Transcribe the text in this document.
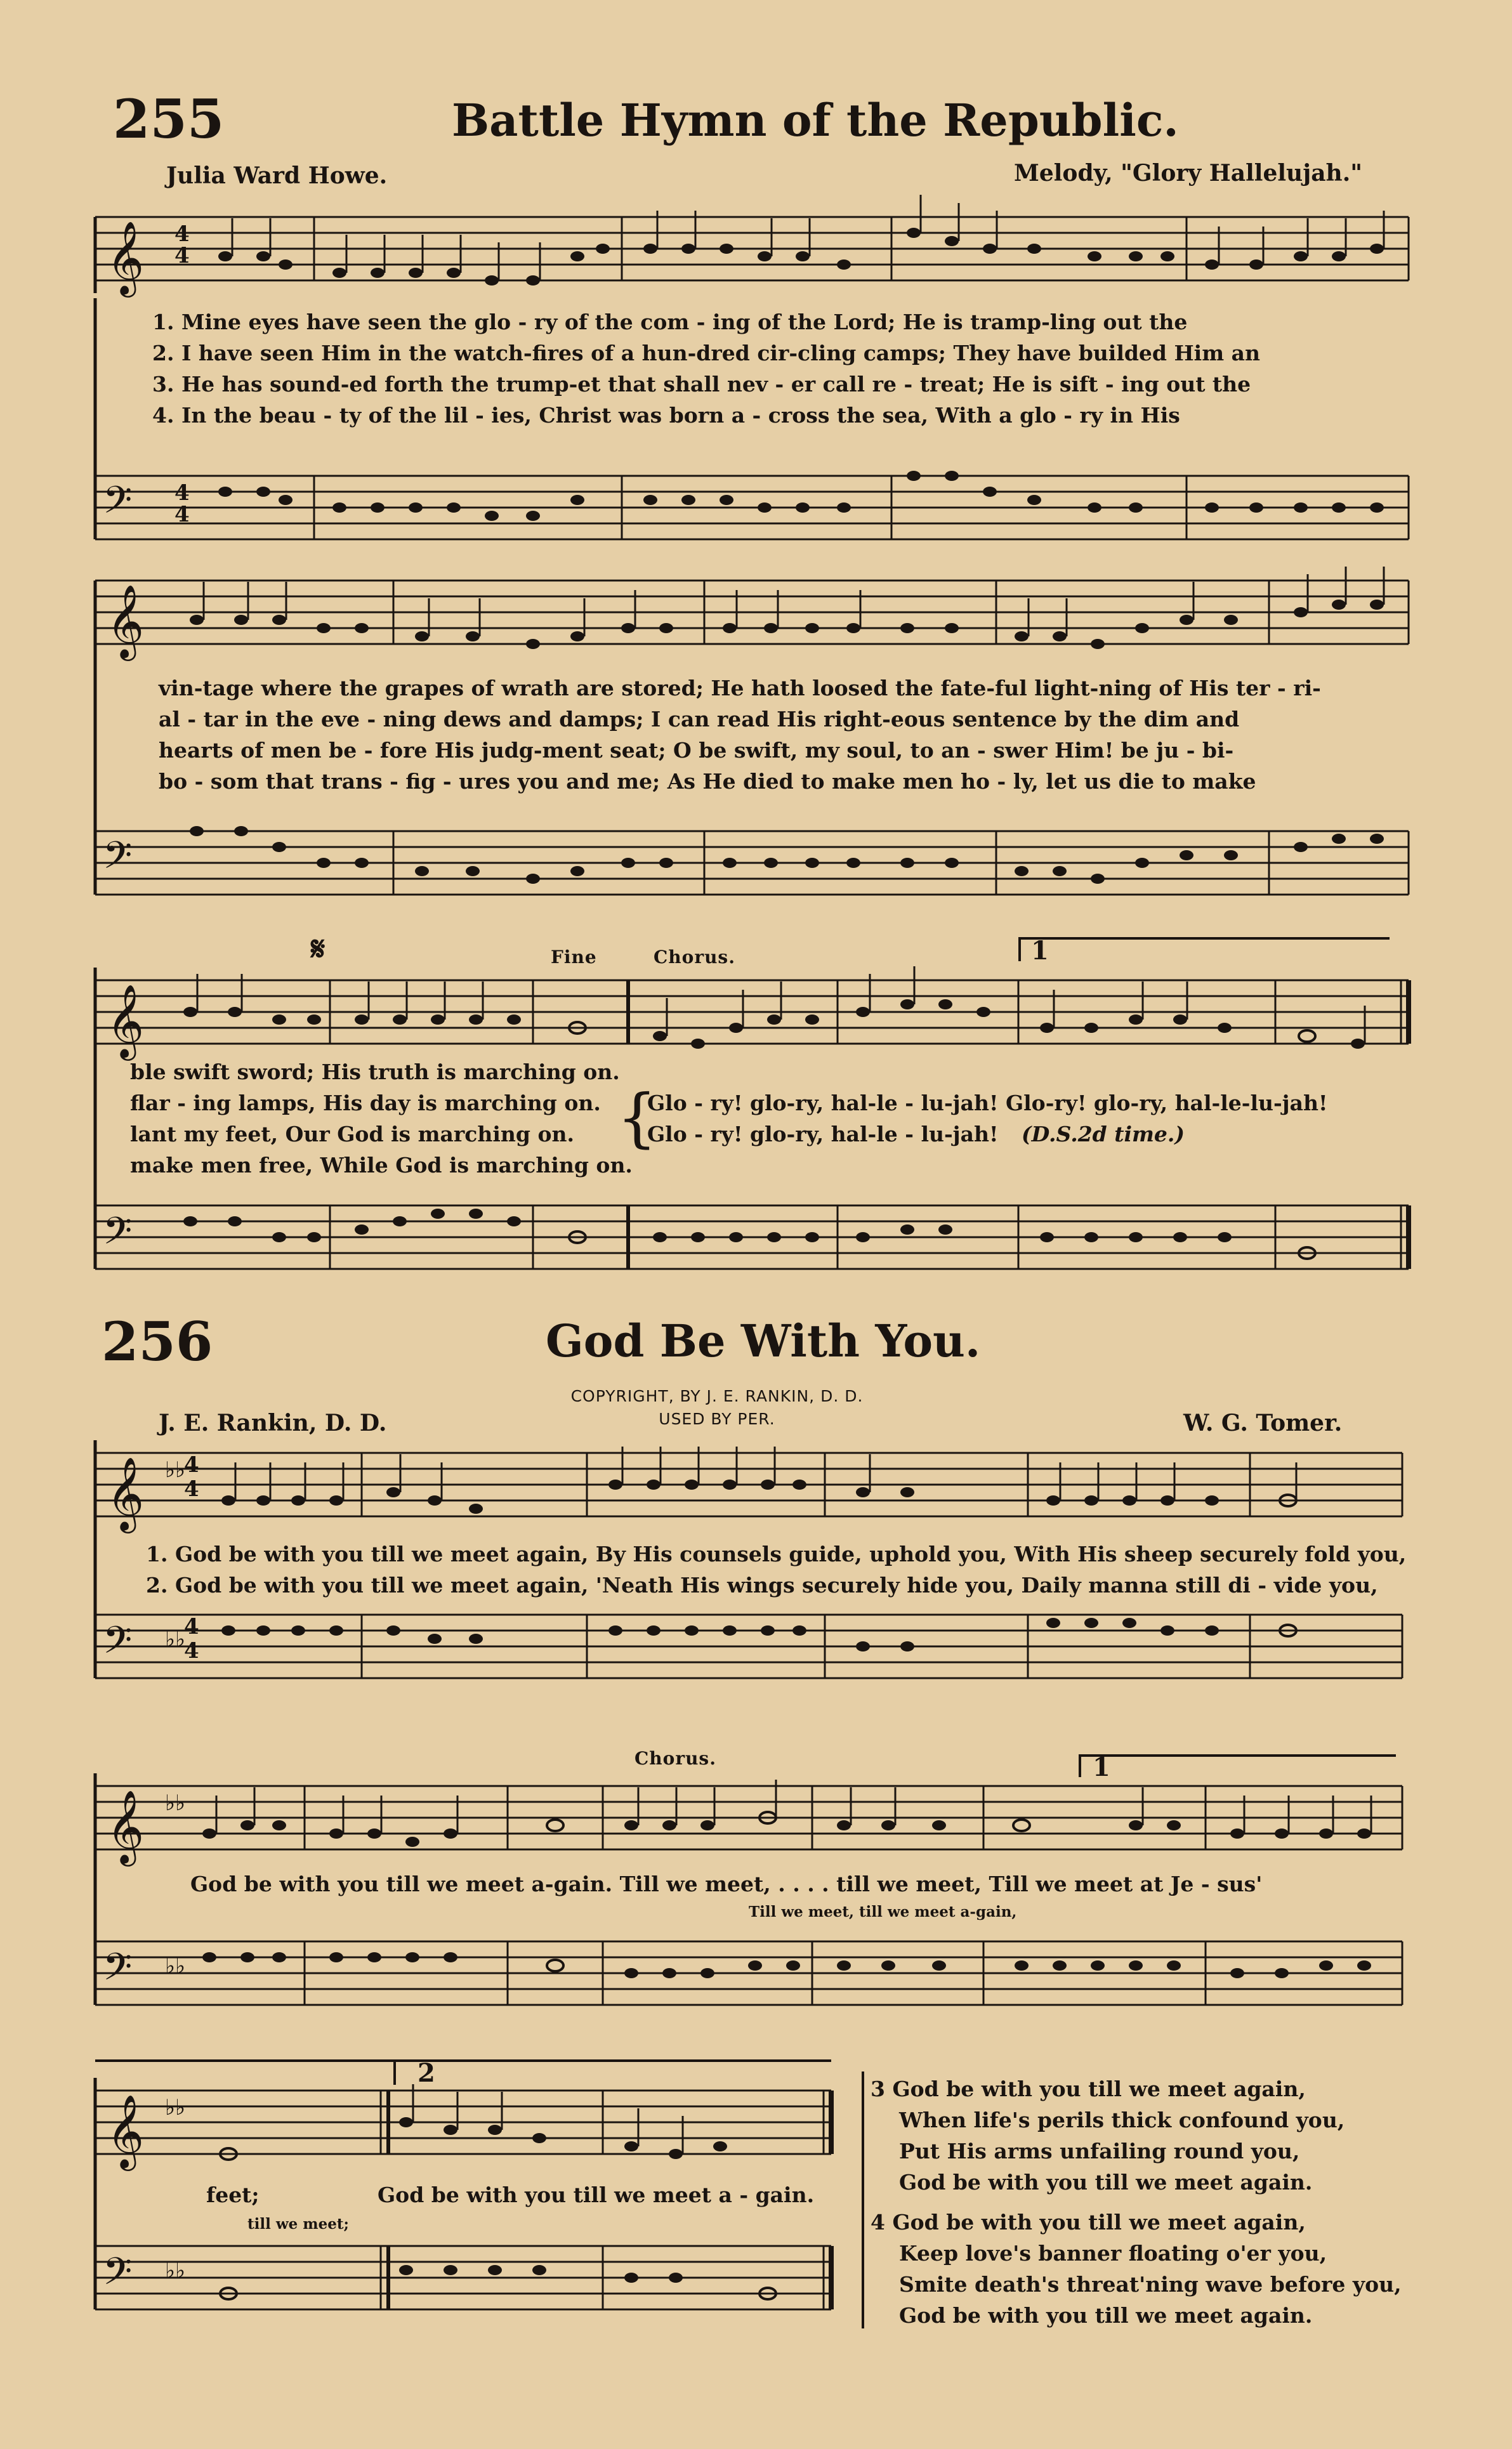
255	Battle Hymn of the Republic.
Julia Ward Howe.	Melody, "Glory Hallelujah."
𝄞 4
4
1. Mine eyes have seen the glo - ry of the com - ing of the Lord; He is tramp-ling out the
2. I have seen Him in the watch-fires of a hun-dred cir-cling camps; They have builded Him an
3. He has sound-ed forth the trump-et that shall nev - er call re - treat; He is sift - ing out the
4. In the beau - ty of the lil - ies, Christ was born a - cross the sea, With a glo - ry in His
𝄢 4
4
𝄞
vin-tage where the grapes of wrath are stored; He hath loosed the fate-ful light-ning of His ter - ri-
al - tar in the eve - ning dews and damps; I can read His right-eous sentence by the dim and
hearts of men be - fore His judg-ment seat; O be swift, my soul, to an - swer Him! be ju - bi-
bo - som that trans - fig - ures you and me; As He died to make men ho - ly, let us die to make
𝄢
𝄋	Fine	Chorus.	1
𝄞
ble swift sword; His truth is marching on.
flar - ing lamps, His day is marching on.
lant my feet, Our God is marching on.
make men free, While God is marching on.
{
Glo - ry! glo-ry, hal-le - lu-jah! Glo-ry! glo-ry, hal-le-lu-jah!
Glo - ry! glo-ry, hal-le - lu-jah! (D.S.2d time.)
𝄢
256	God Be With You.
COPYRIGHT, BY J. E. RANKIN, D. D.
USED BY PER.
J. E. Rankin, D. D.	W. G. Tomer.
𝄞 ♭♭
4
4
1. God be with you till we meet again, By His counsels guide, uphold you, With His sheep securely fold you,
2. God be with you till we meet again, 'Neath His wings securely hide you, Daily manna still di - vide you,
𝄢 ♭♭
4
4
Chorus.	1
𝄞 ♭♭
God be with you till we meet a-gain. Till we meet, . . . . till we meet, Till we meet at Je - sus'
Till we meet, till we meet a-gain,
𝄢 ♭♭
2
𝄞 ♭♭
feet;	God be with you till we meet a - gain.
till we meet;
𝄢 ♭♭
3 God be with you till we meet again,
When life's perils thick confound you,
Put His arms unfailing round you,
God be with you till we meet again.
4 God be with you till we meet again,
Keep love's banner floating o'er you,
Smite death's threat'ning wave before you,
God be with you till we meet again.
